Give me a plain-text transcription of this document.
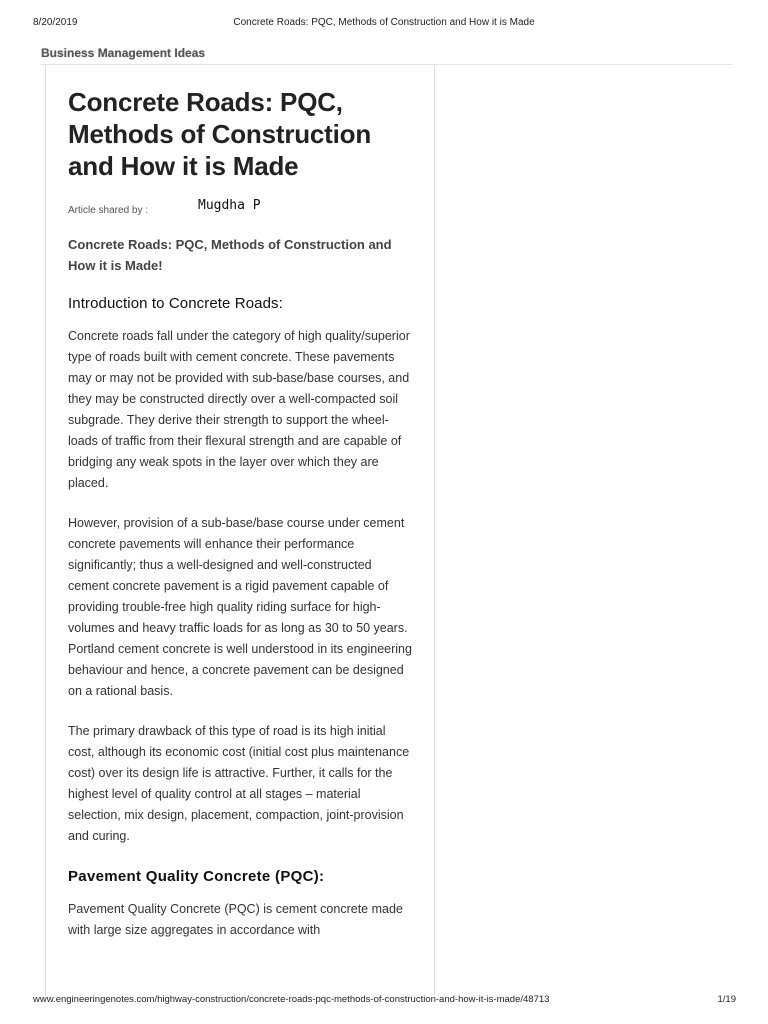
8/20/2019	Concrete Roads: PQC, Methods of Construction and How it is Made
Business Management Ideas
Concrete Roads: PQC, Methods of Construction and How it is Made
Article shared by :	Mugdha P

Concrete Roads: PQC, Methods of Construction and How it is Made!

Introduction to Concrete Roads:

Concrete roads fall under the category of high quality/superior type of roads built with cement concrete. These pavements may or may not be provided with sub-base/base courses, and they may be constructed directly over a well-compacted soil subgrade. They derive their strength to support the wheel-loads of traffic from their flexural strength and are capable of bridging any weak spots in the layer over which they are placed.

However, provision of a sub-base/base course under cement concrete pavements will enhance their performance significantly; thus a well-designed and well-constructed cement concrete pavement is a rigid pavement capable of providing trouble-free high quality riding surface for high-volumes and heavy traffic loads for as long as 30 to 50 years. Portland cement concrete is well understood in its engineering behaviour and hence, a concrete pavement can be designed on a rational basis.

The primary drawback of this type of road is its high initial cost, although its economic cost (initial cost plus maintenance cost) over its design life is attractive. Further, it calls for the highest level of quality control at all stages – material selection, mix design, placement, compaction, joint-provision and curing.

Pavement Quality Concrete (PQC):

Pavement Quality Concrete (PQC) is cement concrete made with large size aggregates in accordance with

www.engineeringenotes.com/highway-construction/concrete-roads-pqc-methods-of-construction-and-how-it-is-made/48713	1/19
